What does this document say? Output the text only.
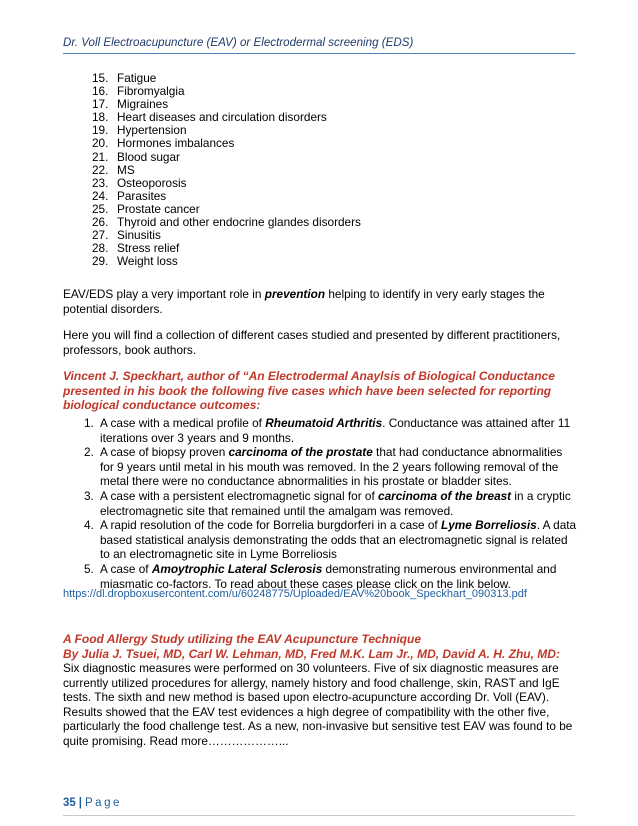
Dr. Voll Electroacupuncture (EAV) or Electrodermal screening (EDS)
15. Fatigue
16. Fibromyalgia
17. Migraines
18. Heart diseases and circulation disorders
19. Hypertension
20. Hormones imbalances
21. Blood sugar
22. MS
23. Osteoporosis
24. Parasites
25. Prostate cancer
26. Thyroid and other endocrine glandes disorders
27. Sinusitis
28. Stress relief
29. Weight loss

EAV/EDS play a very important role in prevention helping to identify in very early stages the potential disorders.

Here you will find a collection of different cases studied and presented by different practitioners, professors, book authors.

Vincent J. Speckhart, author of “An Electrodermal Anaylsis of Biological Conductance presented in his book the following five cases which have been selected for reporting biological conductance outcomes:

1. A case with a medical profile of Rheumatoid Arthritis. Conductance was attained after 11 iterations over 3 years and 9 months.
2. A case of biopsy proven carcinoma of the prostate that had conductance abnormalities for 9 years until metal in his mouth was removed. In the 2 years following removal of the metal there were no conductance abnormalities in his prostate or bladder sites.
3. A case with a persistent electromagnetic signal for of carcinoma of the breast in a cryptic electromagnetic site that remained until the amalgam was removed.
4. A rapid resolution of the code for Borrelia burgdorferi in a case of Lyme Borreliosis. A data based statistical analysis demonstrating the odds that an electromagnetic signal is related to an electromagnetic site in Lyme Borreliosis
5. A case of Amoytrophic Lateral Sclerosis demonstrating numerous environmental and miasmatic co-factors. To read about these cases please click on the link below.
https://dl.dropboxusercontent.com/u/60248775/Uploaded/EAV%20book_Speckhart_090313.pdf
A Food Allergy Study utilizing the EAV Acupuncture Technique
By Julia J. Tsuei, MD, Carl W. Lehman, MD, Fred M.K. Lam Jr., MD, David A. H. Zhu, MD:

Six diagnostic measures were performed on 30 volunteers. Five of six diagnostic measures are currently utilized procedures for allergy, namely history and food challenge, skin, RAST and IgE tests. The sixth and new method is based upon electro-acupuncture according Dr. Voll (EAV). Results showed that the EAV test evidences a high degree of compatibility with the other five, particularly the food challenge test. As a new, non-invasive but sensitive test EAV was found to be quite promising. Read more………………...

35 | Page
